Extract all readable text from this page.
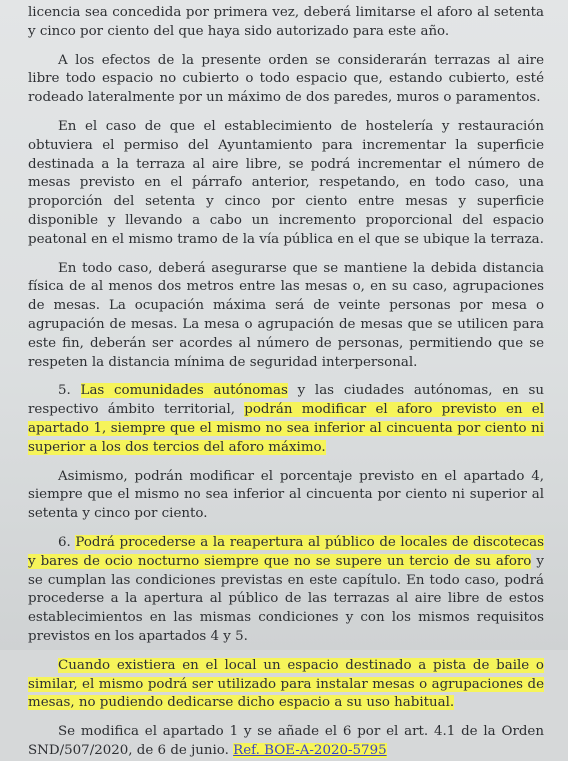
licencia sea concedida por primera vez, deberá limitarse el aforo al setenta y cinco por ciento del que haya sido autorizado para este año.

A los efectos de la presente orden se considerarán terrazas al aire libre todo espacio no cubierto o todo espacio que, estando cubierto, esté rodeado lateralmente por un máximo de dos paredes, muros o paramentos.

En el caso de que el establecimiento de hostelería y restauración obtuviera el permiso del Ayuntamiento para incrementar la superficie destinada a la terraza al aire libre, se podrá incrementar el número de mesas previsto en el párrafo anterior, respetando, en todo caso, una proporción del setenta y cinco por ciento entre mesas y superficie disponible y llevando a cabo un incremento proporcional del espacio peatonal en el mismo tramo de la vía pública en el que se ubique la terraza.

En todo caso, deberá asegurarse que se mantiene la debida distancia física de al menos dos metros entre las mesas o, en su caso, agrupaciones de mesas. La ocupación máxima será de veinte personas por mesa o agrupación de mesas. La mesa o agrupación de mesas que se utilicen para este fin, deberán ser acordes al número de personas, permitiendo que se respeten la distancia mínima de seguridad interpersonal.

5. Las comunidades autónomas y las ciudades autónomas, en su respectivo ámbito territorial, podrán modificar el aforo previsto en el apartado 1, siempre que el mismo no sea inferior al cincuenta por ciento ni superior a los dos tercios del aforo máximo.

Asimismo, podrán modificar el porcentaje previsto en el apartado 4, siempre que el mismo no sea inferior al cincuenta por ciento ni superior al setenta y cinco por ciento.

6. Podrá procederse a la reapertura al público de locales de discotecas y bares de ocio nocturno siempre que no se supere un tercio de su aforo y se cumplan las condiciones previstas en este capítulo. En todo caso, podrá procederse a la apertura al público de las terrazas al aire libre de estos establecimientos en las mismas condiciones y con los mismos requisitos previstos en los apartados 4 y 5.

Cuando existiera en el local un espacio destinado a pista de baile o similar, el mismo podrá ser utilizado para instalar mesas o agrupaciones de mesas, no pudiendo dedicarse dicho espacio a su uso habitual.

Se modifica el apartado 1 y se añade el 6 por el art. 4.1 de la Orden SND/507/2020, de 6 de junio. Ref. BOE-A-2020-5795
